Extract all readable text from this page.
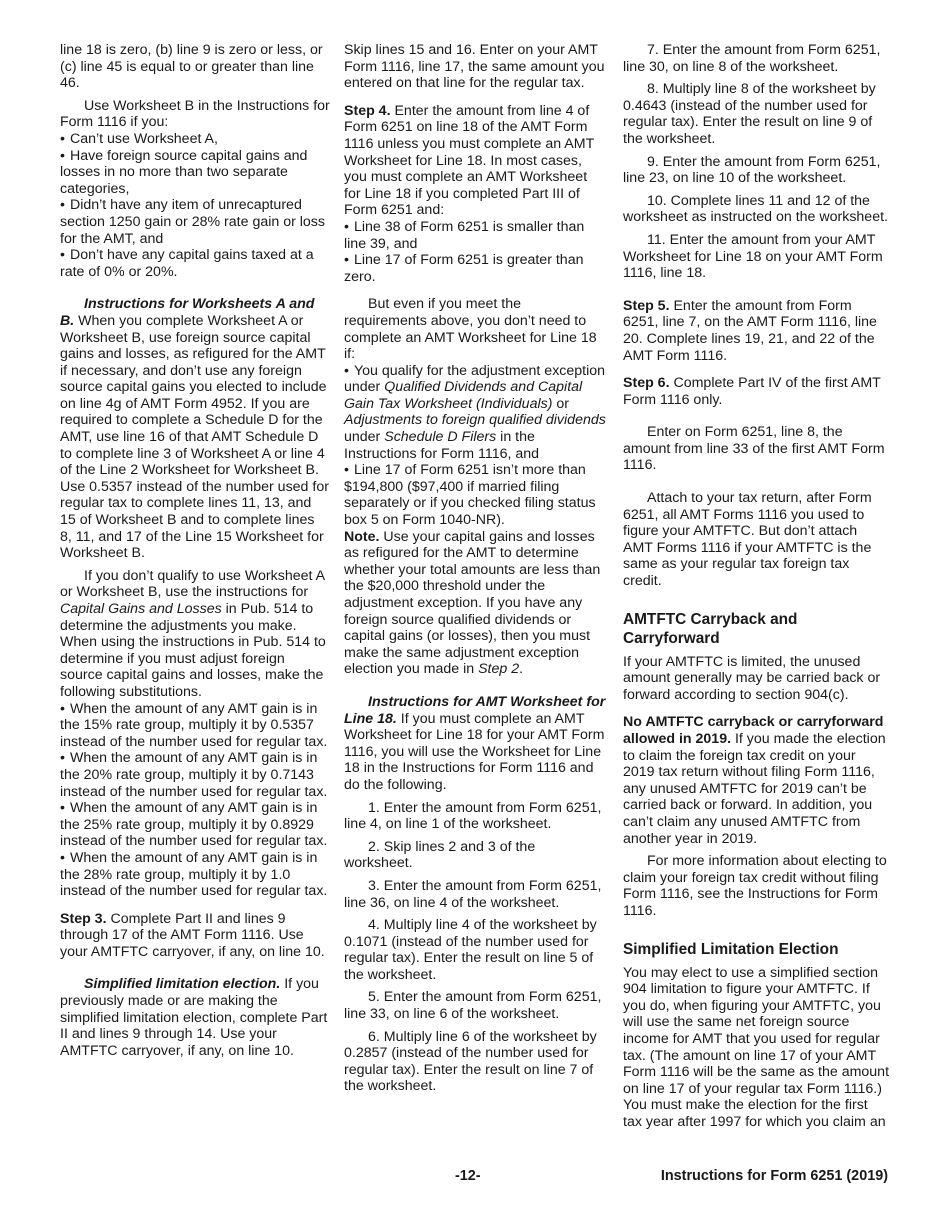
line 18 is zero, (b) line 9 is zero or less, or (c) line 45 is equal to or greater than line 46.

Use Worksheet B in the Instructions for Form 1116 if you:

• Can’t use Worksheet A,

• Have foreign source capital gains and losses in no more than two separate categories,

• Didn’t have any item of unrecaptured section 1250 gain or 28% rate gain or loss for the AMT, and

• Don’t have any capital gains taxed at a rate of 0% or 20%.

Instructions for Worksheets A and B. When you complete Worksheet A or Worksheet B, use foreign source capital gains and losses, as refigured for the AMT if necessary, and don’t use any foreign source capital gains you elected to include on line 4g of AMT Form 4952. If you are required to complete a Schedule D for the AMT, use line 16 of that AMT Schedule D to complete line 3 of Worksheet A or line 4 of the Line 2 Worksheet for Worksheet B. Use 0.5357 instead of the number used for regular tax to complete lines 11, 13, and 15 of Worksheet B and to complete lines 8, 11, and 17 of the Line 15 Worksheet for Worksheet B.

If you don’t qualify to use Worksheet A or Worksheet B, use the instructions for Capital Gains and Losses in Pub. 514 to determine the adjustments you make. When using the instructions in Pub. 514 to determine if you must adjust foreign source capital gains and losses, make the following substitutions.

• When the amount of any AMT gain is in the 15% rate group, multiply it by 0.5357 instead of the number used for regular tax.

• When the amount of any AMT gain is in the 20% rate group, multiply it by 0.7143 instead of the number used for regular tax.

• When the amount of any AMT gain is in the 25% rate group, multiply it by 0.8929 instead of the number used for regular tax.

• When the amount of any AMT gain is in the 28% rate group, multiply it by 1.0 instead of the number used for regular tax.

Step 3. Complete Part II and lines 9 through 17 of the AMT Form 1116. Use your AMTFTC carryover, if any, on line 10.

Simplified limitation election. If you previously made or are making the simplified limitation election, complete Part II and lines 9 through 14. Use your AMTFTC carryover, if any, on line 10.

Skip lines 15 and 16. Enter on your AMT Form 1116, line 17, the same amount you entered on that line for the regular tax.

Step 4. Enter the amount from line 4 of Form 6251 on line 18 of the AMT Form 1116 unless you must complete an AMT Worksheet for Line 18. In most cases, you must complete an AMT Worksheet for Line 18 if you completed Part III of Form 6251 and:

• Line 38 of Form 6251 is smaller than line 39, and

• Line 17 of Form 6251 is greater than zero.

But even if you meet the requirements above, you don’t need to complete an AMT Worksheet for Line 18 if:

• You qualify for the adjustment exception under Qualified Dividends and Capital Gain Tax Worksheet (Individuals) or Adjustments to foreign qualified dividends under Schedule D Filers in the Instructions for Form 1116, and

• Line 17 of Form 6251 isn’t more than $194,800 ($97,400 if married filing separately or if you checked filing status box 5 on Form 1040-NR).

Note. Use your capital gains and losses as refigured for the AMT to determine whether your total amounts are less than the $20,000 threshold under the adjustment exception. If you have any foreign source qualified dividends or capital gains (or losses), then you must make the same adjustment exception election you made in Step 2.

Instructions for AMT Worksheet for Line 18. If you must complete an AMT Worksheet for Line 18 for your AMT Form 1116, you will use the Worksheet for Line 18 in the Instructions for Form 1116 and do the following.

1. Enter the amount from Form 6251, line 4, on line 1 of the worksheet.

2. Skip lines 2 and 3 of the worksheet.

3. Enter the amount from Form 6251, line 36, on line 4 of the worksheet.

4. Multiply line 4 of the worksheet by 0.1071 (instead of the number used for regular tax). Enter the result on line 5 of the worksheet.

5. Enter the amount from Form 6251, line 33, on line 6 of the worksheet.

6. Multiply line 6 of the worksheet by 0.2857 (instead of the number used for regular tax). Enter the result on line 7 of the worksheet.

7. Enter the amount from Form 6251, line 30, on line 8 of the worksheet.

8. Multiply line 8 of the worksheet by 0.4643 (instead of the number used for regular tax). Enter the result on line 9 of the worksheet.

9. Enter the amount from Form 6251, line 23, on line 10 of the worksheet.

10. Complete lines 11 and 12 of the worksheet as instructed on the worksheet.

11. Enter the amount from your AMT Worksheet for Line 18 on your AMT Form 1116, line 18.

Step 5. Enter the amount from Form 6251, line 7, on the AMT Form 1116, line 20. Complete lines 19, 21, and 22 of the AMT Form 1116.

Step 6. Complete Part IV of the first AMT Form 1116 only.

Enter on Form 6251, line 8, the amount from line 33 of the first AMT Form 1116.

Attach to your tax return, after Form 6251, all AMT Forms 1116 you used to figure your AMTFTC. But don’t attach AMT Forms 1116 if your AMTFTC is the same as your regular tax foreign tax credit.

AMTFTC Carryback and Carryforward

If your AMTFTC is limited, the unused amount generally may be carried back or forward according to section 904(c).

No AMTFTC carryback or carryforward allowed in 2019. If you made the election to claim the foreign tax credit on your 2019 tax return without filing Form 1116, any unused AMTFTC for 2019 can’t be carried back or forward. In addition, you can’t claim any unused AMTFTC from another year in 2019.

For more information about electing to claim your foreign tax credit without filing Form 1116, see the Instructions for Form 1116.

Simplified Limitation Election

You may elect to use a simplified section 904 limitation to figure your AMTFTC. If you do, when figuring your AMTFTC, you will use the same net foreign source income for AMT that you used for regular tax. (The amount on line 17 of your AMT Form 1116 will be the same as the amount on line 17 of your regular tax Form 1116.) You must make the election for the first tax year after 1997 for which you claim an

-12-	Instructions for Form 6251 (2019)
